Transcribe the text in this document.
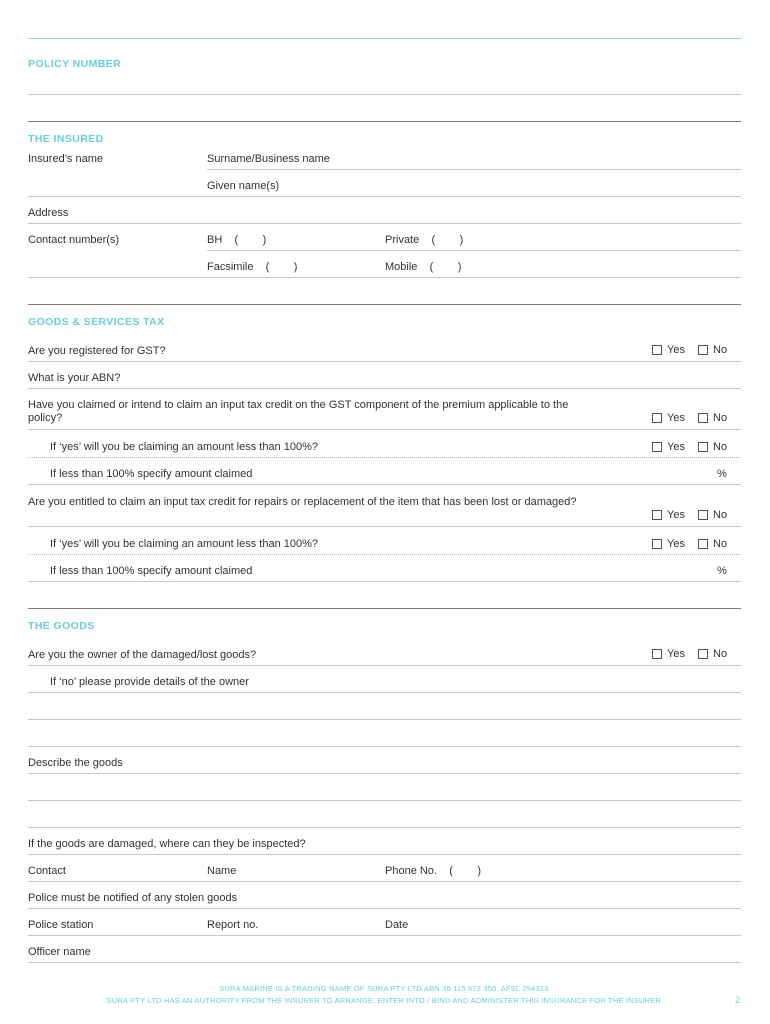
POLICY NUMBER
THE INSURED
Insured’s name	Surname/Business name
Given name(s)
Address
Contact number(s)	BH    (        )	Private    (        )
Facsimile    (        )	Mobile    (        )
GOODS & SERVICES TAX
Are you registered for GST?	Yes	No
What is your ABN?
Have you claimed or intend to claim an input tax credit on the GST component of the premium applicable to the policy?	Yes	No
If ‘yes’ will you be claiming an amount less than 100%?	Yes	No
If less than 100% specify amount claimed	%
Are you entitled to claim an input tax credit for repairs or replacement of the item that has been lost or damaged?
Yes	No
If ‘yes’ will you be claiming an amount less than 100%?	Yes	No
If less than 100% specify amount claimed	%
THE GOODS
Are you the owner of the damaged/lost goods?	Yes	No
If ‘no’ please provide details of the owner
Describe the goods
If the goods are damaged, where can they be inspected?
Contact	Name	Phone No.    (        )
Police must be notified of any stolen goods
Police station	Report no.	Date
Officer name
SURA MARINE IS A TRADING NAME OF SURA PTY LTD ABN 36 115 672 350, AFSL 294313.
SURA PTY LTD HAS AN AUTHORITY FROM THE INSURER TO ARRANGE, ENTER INTO / BIND AND ADMINISTER THIS INSURANCE FOR THE INSURER.	2
